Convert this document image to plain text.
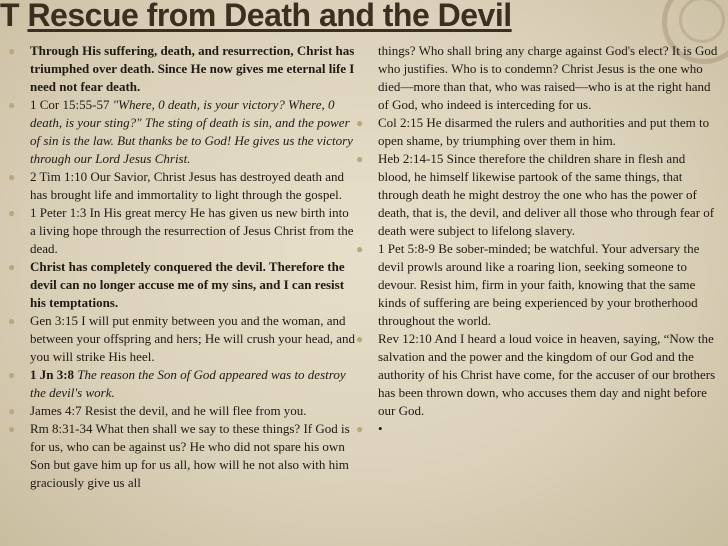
T Rescue from Death and the Devil
● Through His suffering, death, and resurrection, Christ has triumphed over death. Since He now gives me eternal life I need not fear death.
● 1 Cor 15:55-57 "Where, 0 death, is your victory? Where, 0 death, is your sting?" The sting of death is sin, and the power of sin is the law. But thanks be to God! He gives us the victory through our Lord Jesus Christ.
● 2 Tim 1:10 Our Savior, Christ Jesus has destroyed death and has brought life and immortality to light through the gospel.
● 1 Peter 1:3 In His great mercy He has given us new birth into a living hope through the resurrection of Jesus Christ from the dead.
● Christ has completely conquered the devil. Therefore the devil can no longer accuse me of my sins, and I can resist his temptations.
● Gen 3:15 I will put enmity between you and the woman, and between your offspring and hers; He will crush your head, and you will strike His heel.
● 1 Jn 3:8 The reason the Son of God appeared was to destroy the devil's work.
● James 4:7 Resist the devil, and he will flee from you.
● Rm 8:31-34 What then shall we say to these things? If God is for us, who can be against us? He who did not spare his own Son but gave him up for us all, how will he not also with him graciously give us all
things? Who shall bring any charge against God's elect? It is God who justifies. Who is to condemn? Christ Jesus is the one who died—more than that, who was raised—who is at the right hand of God, who indeed is interceding for us.
● Col 2:15 He disarmed the rulers and authorities and put them to open shame, by triumphing over them in him.
● Heb 2:14-15 Since therefore the children share in flesh and blood, he himself likewise partook of the same things, that through death he might destroy the one who has the power of death, that is, the devil, and deliver all those who through fear of death were subject to lifelong slavery.
● 1 Pet 5:8-9 Be sober-minded; be watchful. Your adversary the devil prowls around like a roaring lion, seeking someone to devour. Resist him, firm in your faith, knowing that the same kinds of suffering are being experienced by your brotherhood throughout the world.
● Rev 12:10 And I heard a loud voice in heaven, saying, “Now the salvation and the power and the kingdom of our God and the authority of his Christ have come, for the accuser of our brothers has been thrown down, who accuses them day and night before our God.
● •
